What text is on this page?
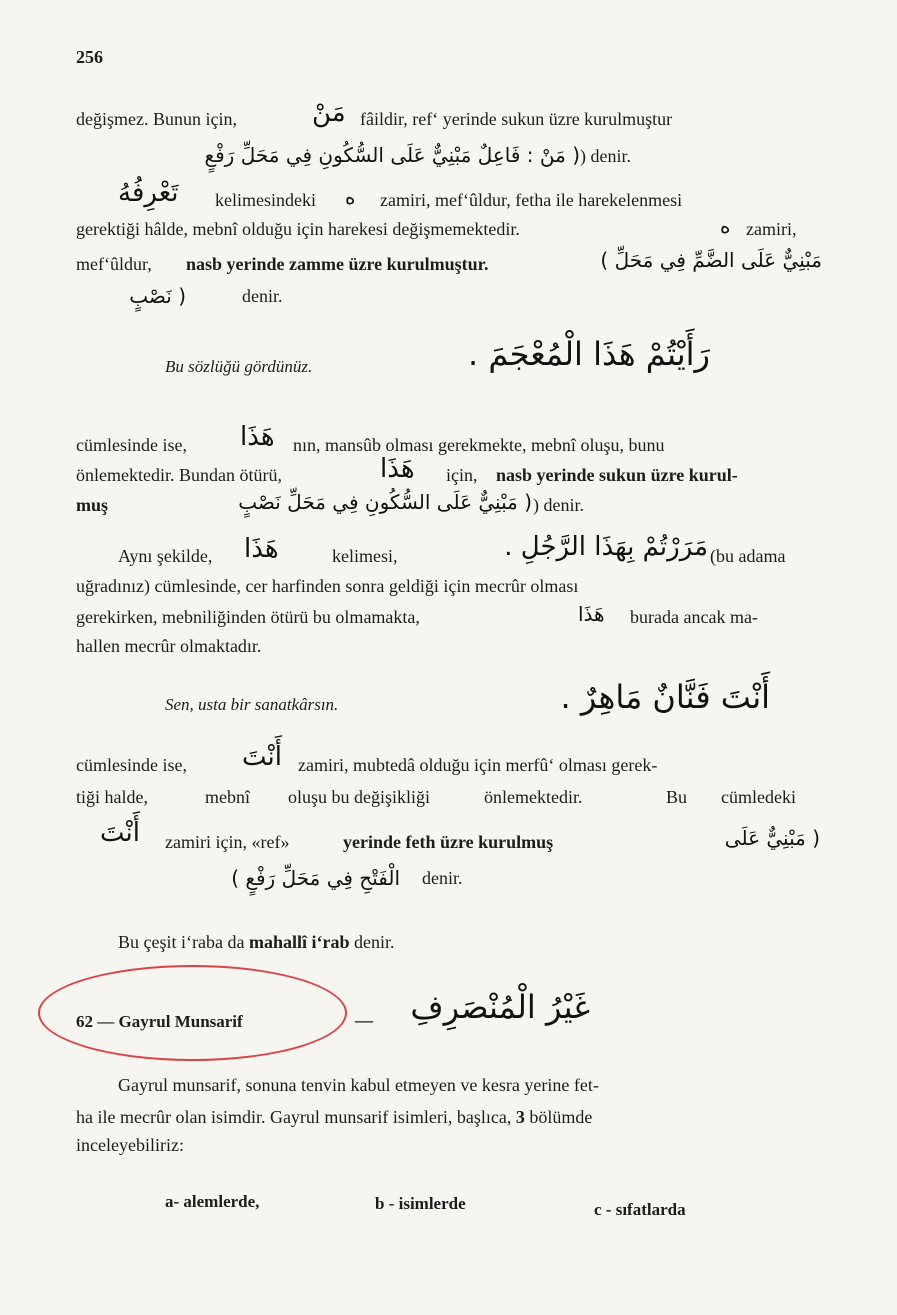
256
değişmez. Bunun için,	مَنْ fâildir, ref‘ yerinde sukun üzre kurulmuştur
( مَنْ : فَاعِلٌ مَبْنِيٌّ عَلَى السُّكُونِ فِي مَحَلِّ رَفْعٍ ) denir.
تَعْرِفُهُ kelimesindeki ه zamiri, mef‘ûldur, fetha ile harekelenmesi
gerektiği hâlde, mebnî olduğu için harekesi değişmemektedir.	ه zamiri,
mef‘ûldur, nasb yerinde zamme üzre kurulmuştur.	مَبْنِيٌّ عَلَى الضَّمِّ فِي مَحَلِّ )
( نَصْبٍ	denir.
Bu sözlüğü gördünüz.	رَأَيْتُمْ هَذَا الْمُعْجَمَ .
cümlesinde ise, هَذَا nın, mansûb olması gerekmekte, mebnî oluşu, bunu
önlemektedir. Bundan ötürü,	هَذَا için, nasb yerinde sukun üzre kurul-
muş	( مَبْنِيٌّ عَلَى السُّكُونِ فِي مَحَلِّ نَصْبٍ ) denir.
Aynı şekilde, هَذَا	kelimesi,	مَرَرْتُمْ بِهَذَا الرَّجُلِ . (bu adama
uğradınız) cümlesinde, cer harfinden sonra geldiği için mecrûr olması
gerekirken, mebniliğinden ötürü bu olmamakta,	هَذَا burada ancak ma-
hallen mecrûr olmaktadır.
Sen, usta bir sanatkârsın.	أَنْتَ فَنَّانٌ مَاهِرٌ .
cümlesinde ise, أَنْتَ zamiri, mubtedâ olduğu için merfû‘ olması gerek-
tiği halde,	mebnî oluşu bu değişikliği	önlemektedir.	Bu cümledeki
أَنْتَ zamiri için, «ref»	yerinde feth üzre kurulmuş	( مَبْنِيٌّ عَلَى
الْفَتْحِ فِي مَحَلِّ رَفْعٍ ) denir.
Bu çeşit i‘raba da mahallî i‘rab denir.
62 — Gayrul Munsarif	—	غَيْرُ الْمُنْصَرِفِ
Gayrul munsarif, sonuna tenvin kabul etmeyen ve kesra yerine fet-
ha ile mecrûr olan isimdir. Gayrul munsarif isimleri, başlıca, 3 bölümde
inceleyebiliriz:
a- alemlerde,	b - isimlerde	c - sıfatlarda
